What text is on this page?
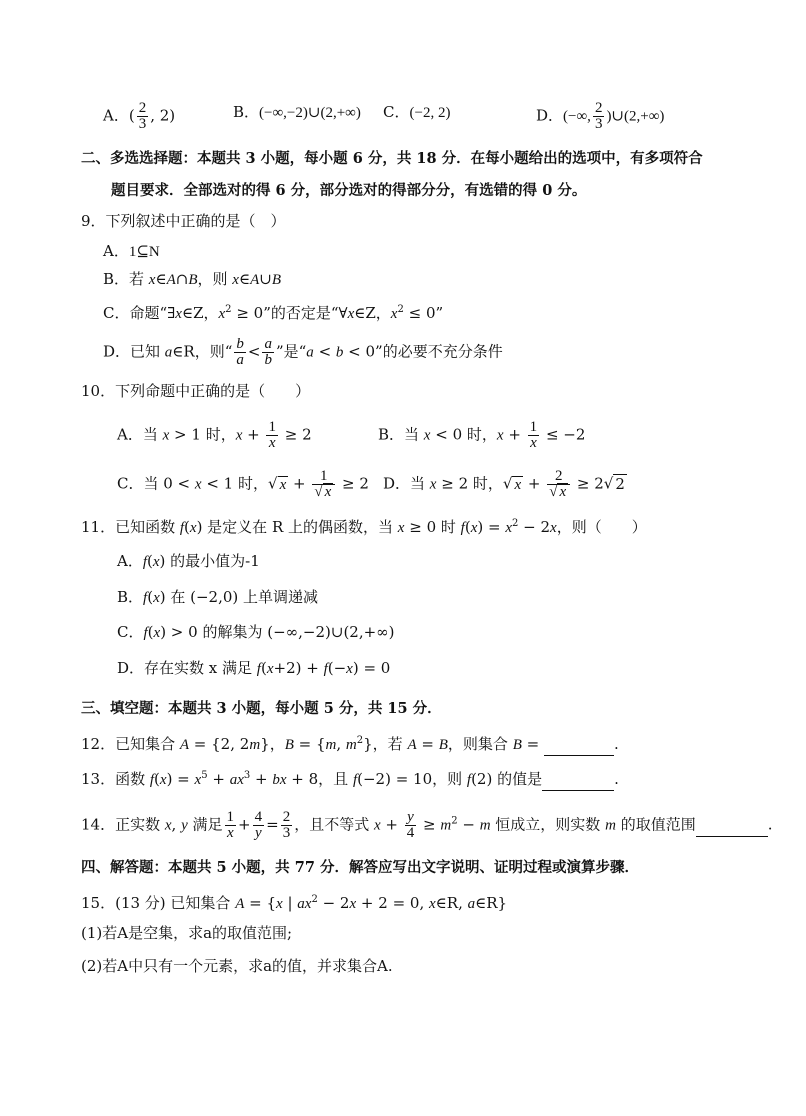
A．( $\frac{2}{3}$ , 2)	B．(−∞,−2)∪(2,+∞) C．(−2, 2)	D．(−∞, $\frac{2}{3}$ )∪(2,+∞)
二、多选选择题：本题共 3 小题，每小题 6 分，共 18 分．在每小题给出的选项中，有多项符合
题目要求．全部选对的得 6 分，部分选对的得部分分，有选错的得 0 分。
9．下列叙述中正确的是（　）
A．1⊆N
B．若 x∈A∩B，则 x∈A∪B
C．命题“∃x∈Z，$x^2 \ge 0$”的否定是“∀x∈Z，$x^2 \le 0$”
D．已知 a∈R，则“ $\frac{b}{a} < \frac{a}{b}$ ”是“a < b < 0”的必要不充分条件
10．下列命题中正确的是（　　）
A．当 x > 1 时，$x + \frac{1}{x} \ge 2$	B．当 x < 0 时，$x + \frac{1}{x} \le -2$
C．当 0 < x < 1 时，√ $x + \frac{1}{√ x} \ge 2$ D．当 x ≥ 2 时，√ $x + \frac{2}{√ x} \ge 2√$ 2
11．已知函数 f(x) 是定义在 R 上的偶函数，当 x ≥ 0 时 $f(x) = x^2 - 2x$，则（　　）
A．f(x) 的最小值为-1
B．f(x) 在 (−2,0) 上单调递减
C．f(x) > 0 的解集为 (−∞,−2)∪(2,+∞)
D．存在实数 x 满足 f(x+2) + f(−x) = 0
三、填空题：本题共 3 小题，每小题 5 分，共 15 分．
12．已知集合 A = {2, 2m}，B = {m, $m^2$}，若 A = B，则集合 B =	.
13．函数 $f(x) = x^5 + ax^3$ + bx + 8，且 f(−2) = 10，则 f(2) 的值是	.
14．正实数 x, y 满足 $\frac{1}{x} + \frac{4}{y} = \frac{2}{3}$ ，且不等式 $x + \frac{y}{4} \ge m^2 - m$ 恒成立，则实数 m 的取值范围	.
四、解答题：本题共 5 小题，共 77 分．解答应写出文字说明、证明过程或演算步骤．
15．(13 分) 已知集合 A = {x | $ax^2 - 2x + 2 = 0$, x∈R, a∈R}
(1)若A是空集，求a的取值范围;
(2)若A中只有一个元素，求a的值，并求集合A.
